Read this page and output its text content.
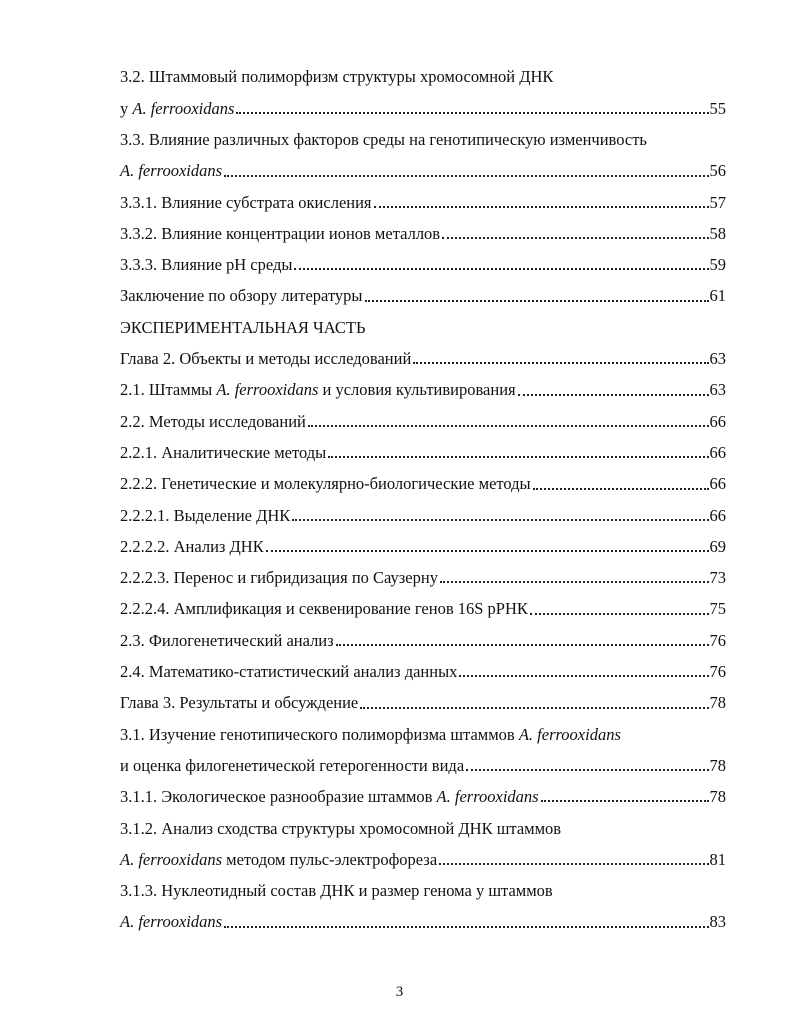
3.2. Штаммовый полиморфизм структуры хромосомной ДНК
у A. ferrooxidans	55
3.3. Влияние различных факторов среды на генотипическую изменчивость
A. ferrooxidans	56
3.3.1. Влияние субстрата окисления	57
3.3.2. Влияние концентрации ионов металлов	58
3.3.3. Влияние pH среды	59
Заключение по обзору литературы	61
ЭКСПЕРИМЕНТАЛЬНАЯ ЧАСТЬ
Глава 2. Объекты и методы исследований	63
2.1. Штаммы A. ferrooxidans и условия культивирования	63
2.2. Методы исследований	66
2.2.1. Аналитические методы	66
2.2.2. Генетические и молекулярно-биологические методы	66
2.2.2.1. Выделение ДНК	66
2.2.2.2. Анализ ДНК	69
2.2.2.3. Перенос и гибридизация по Саузерну	73
2.2.2.4. Амплификация и секвенирование генов 16S рРНК	75
2.3. Филогенетический анализ	76
2.4. Математико-статистический анализ данных	76
Глава 3. Результаты и обсуждение	78
3.1. Изучение генотипического полиморфизма штаммов A. ferrooxidans
и оценка филогенетической гетерогенности вида	78
3.1.1. Экологическое разнообразие штаммов A. ferrooxidans	78
3.1.2. Анализ сходства структуры хромосомной ДНК штаммов
A. ferrooxidans методом пульс-электрофореза	81
3.1.3. Нуклеотидный состав ДНК и размер генома у штаммов
A. ferrooxidans	83
3
